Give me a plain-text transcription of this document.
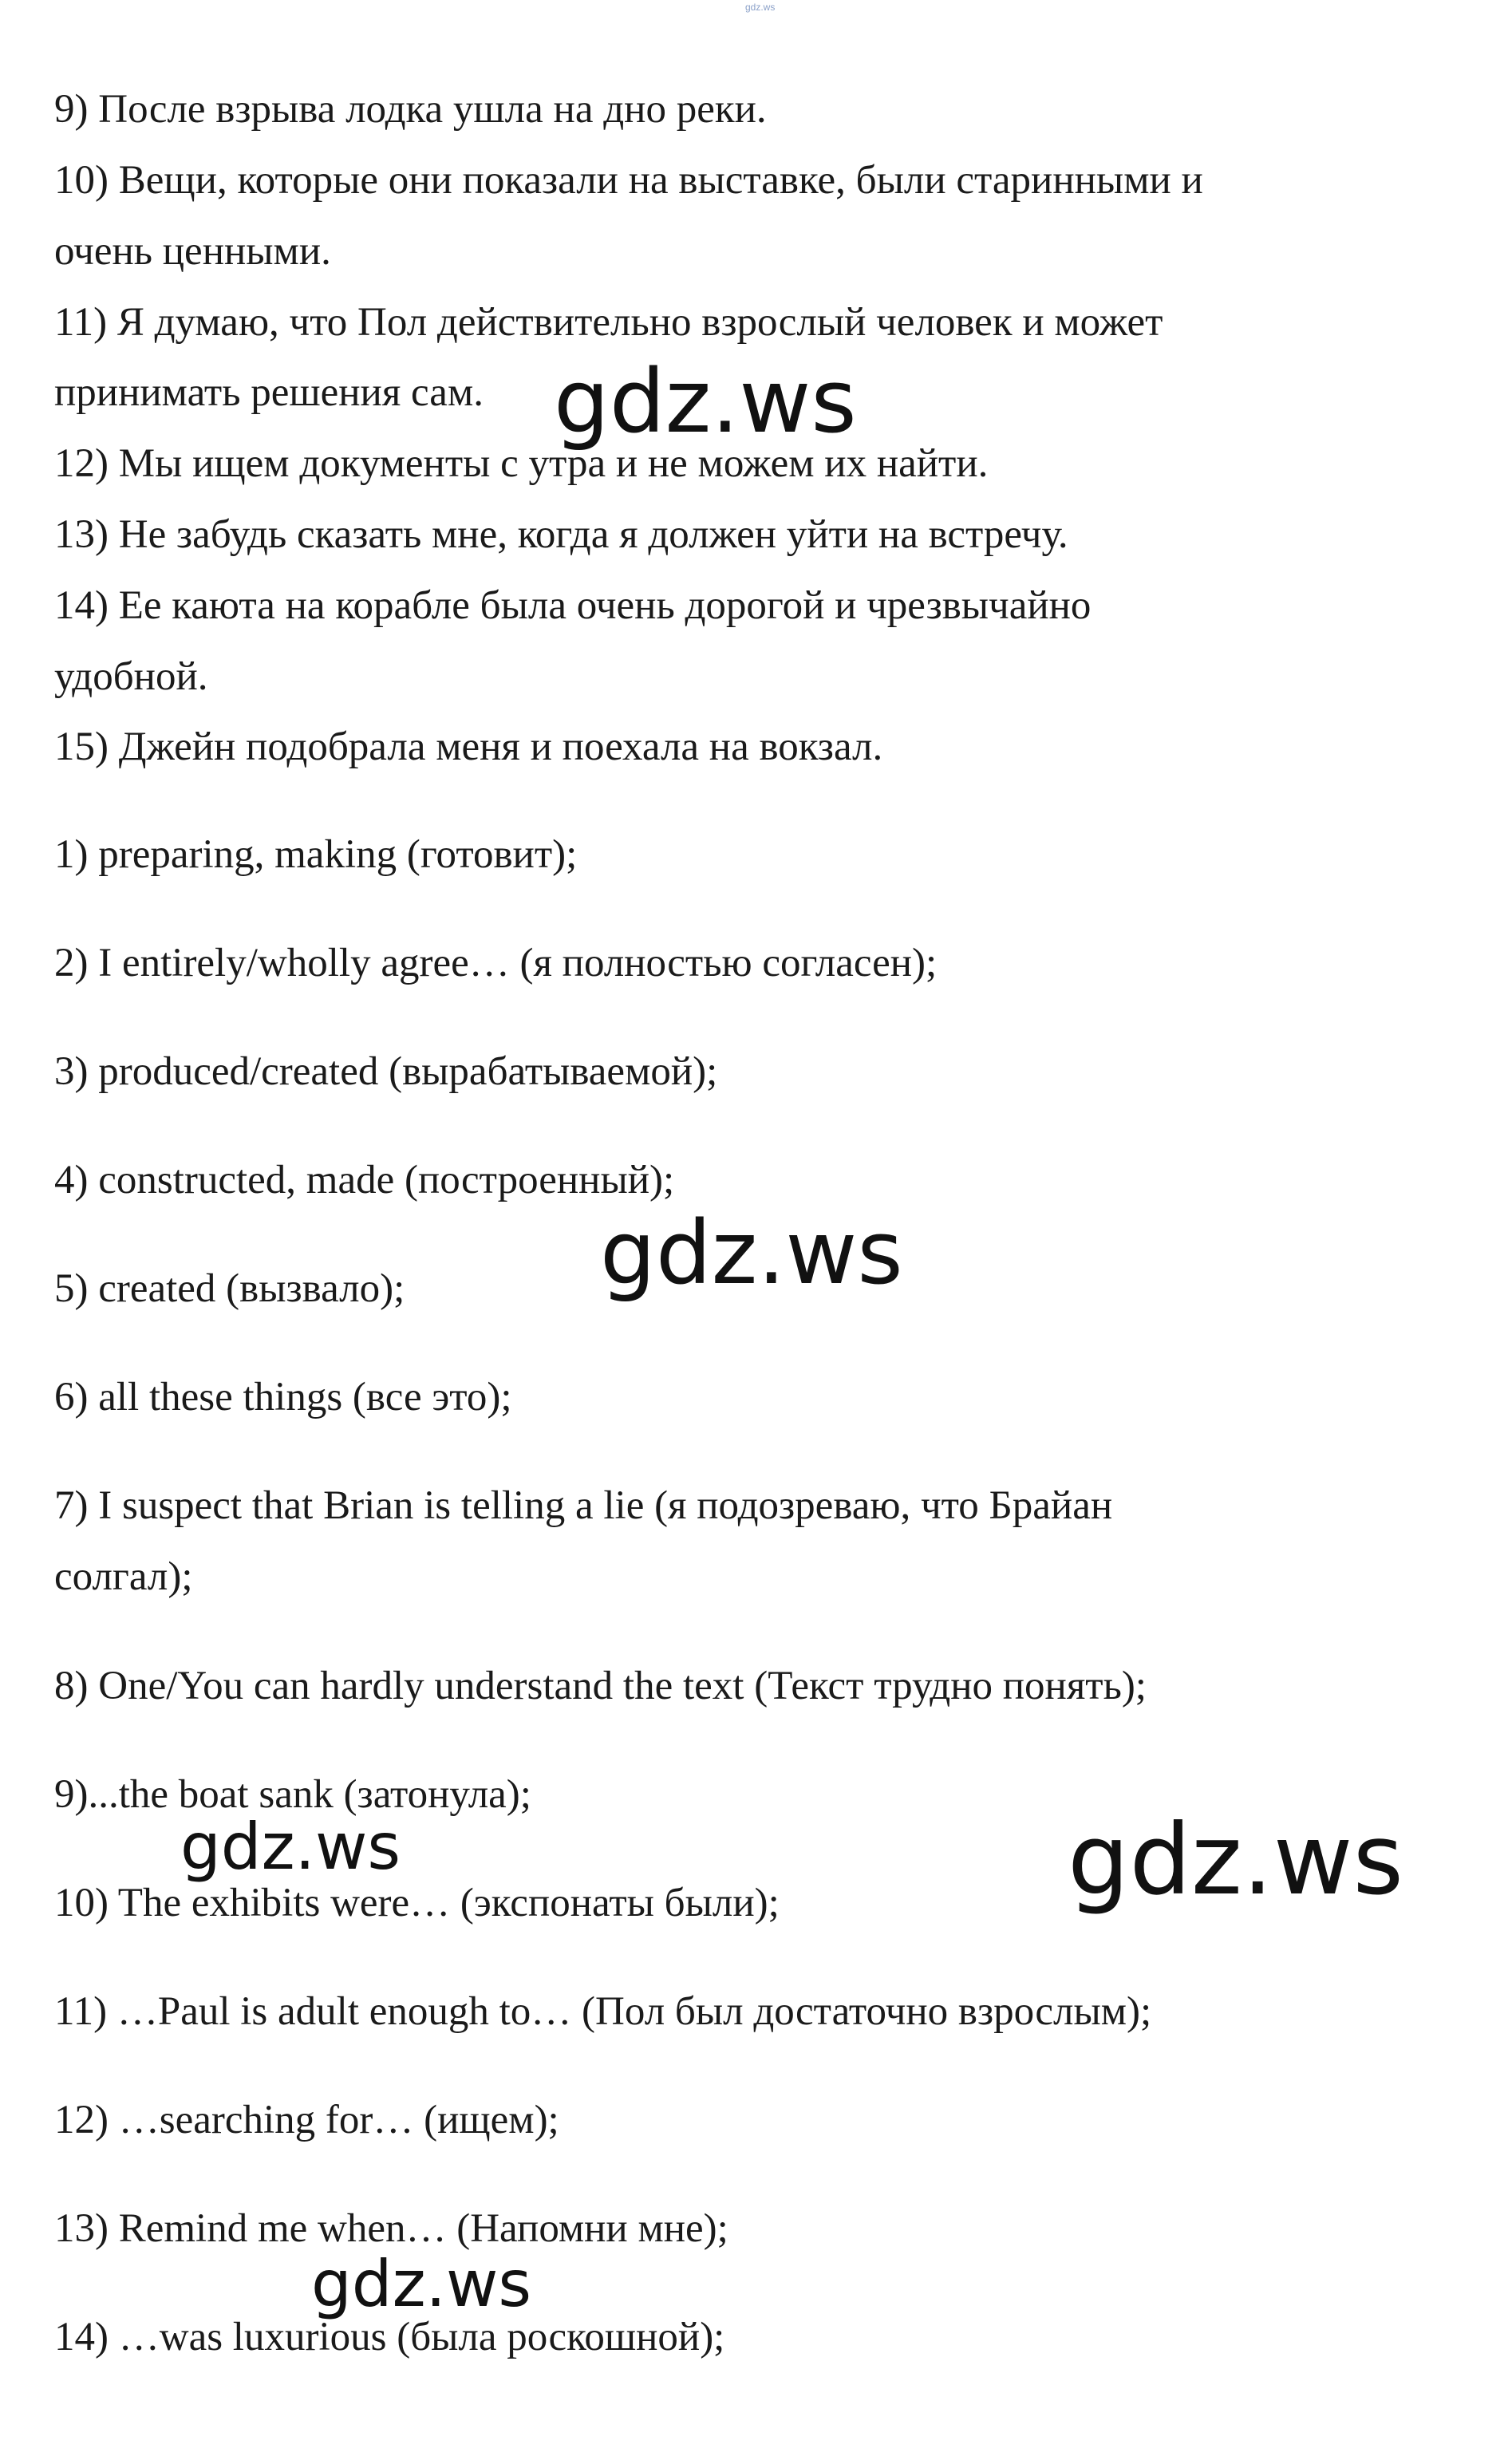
gdz.ws
9) После взрыва лодка ушла на дно реки.
10) Вещи, которые они показали на выставке, были старинными и
очень ценными.
11) Я думаю, что Пол действительно взрослый человек и может
принимать решения сам.
12) Мы ищем документы с утра и не можем их найти.
13) Не забудь сказать мне, когда я должен уйти на встречу.
14) Ее каюта на корабле была очень дорогой и чрезвычайно
удобной.
15) Джейн подобрала меня и поехала на вокзал.
1) preparing, making (готовит);
2) I entirely/wholly agree… (я полностью согласен);
3) produced/created (вырабатываемой);
4) constructed, made (построенный);
5) created (вызвало);
6) all these things (все это);
7) I suspect that Brian is telling a lie (я подозреваю, что Брайан
солгал);
8) One/You can hardly understand the text (Текст трудно понять);
9)...the boat sank (затонула);
10) The exhibits were… (экспонаты были);
11) …Paul is adult enough to… (Пол был достаточно взрослым);
12) …searching for… (ищем);
13) Remind me when… (Напомни мне);
14) …was luxurious (была роскошной);
gdz.ws
gdz.ws
gdz.ws	gdz.ws
gdz.ws
